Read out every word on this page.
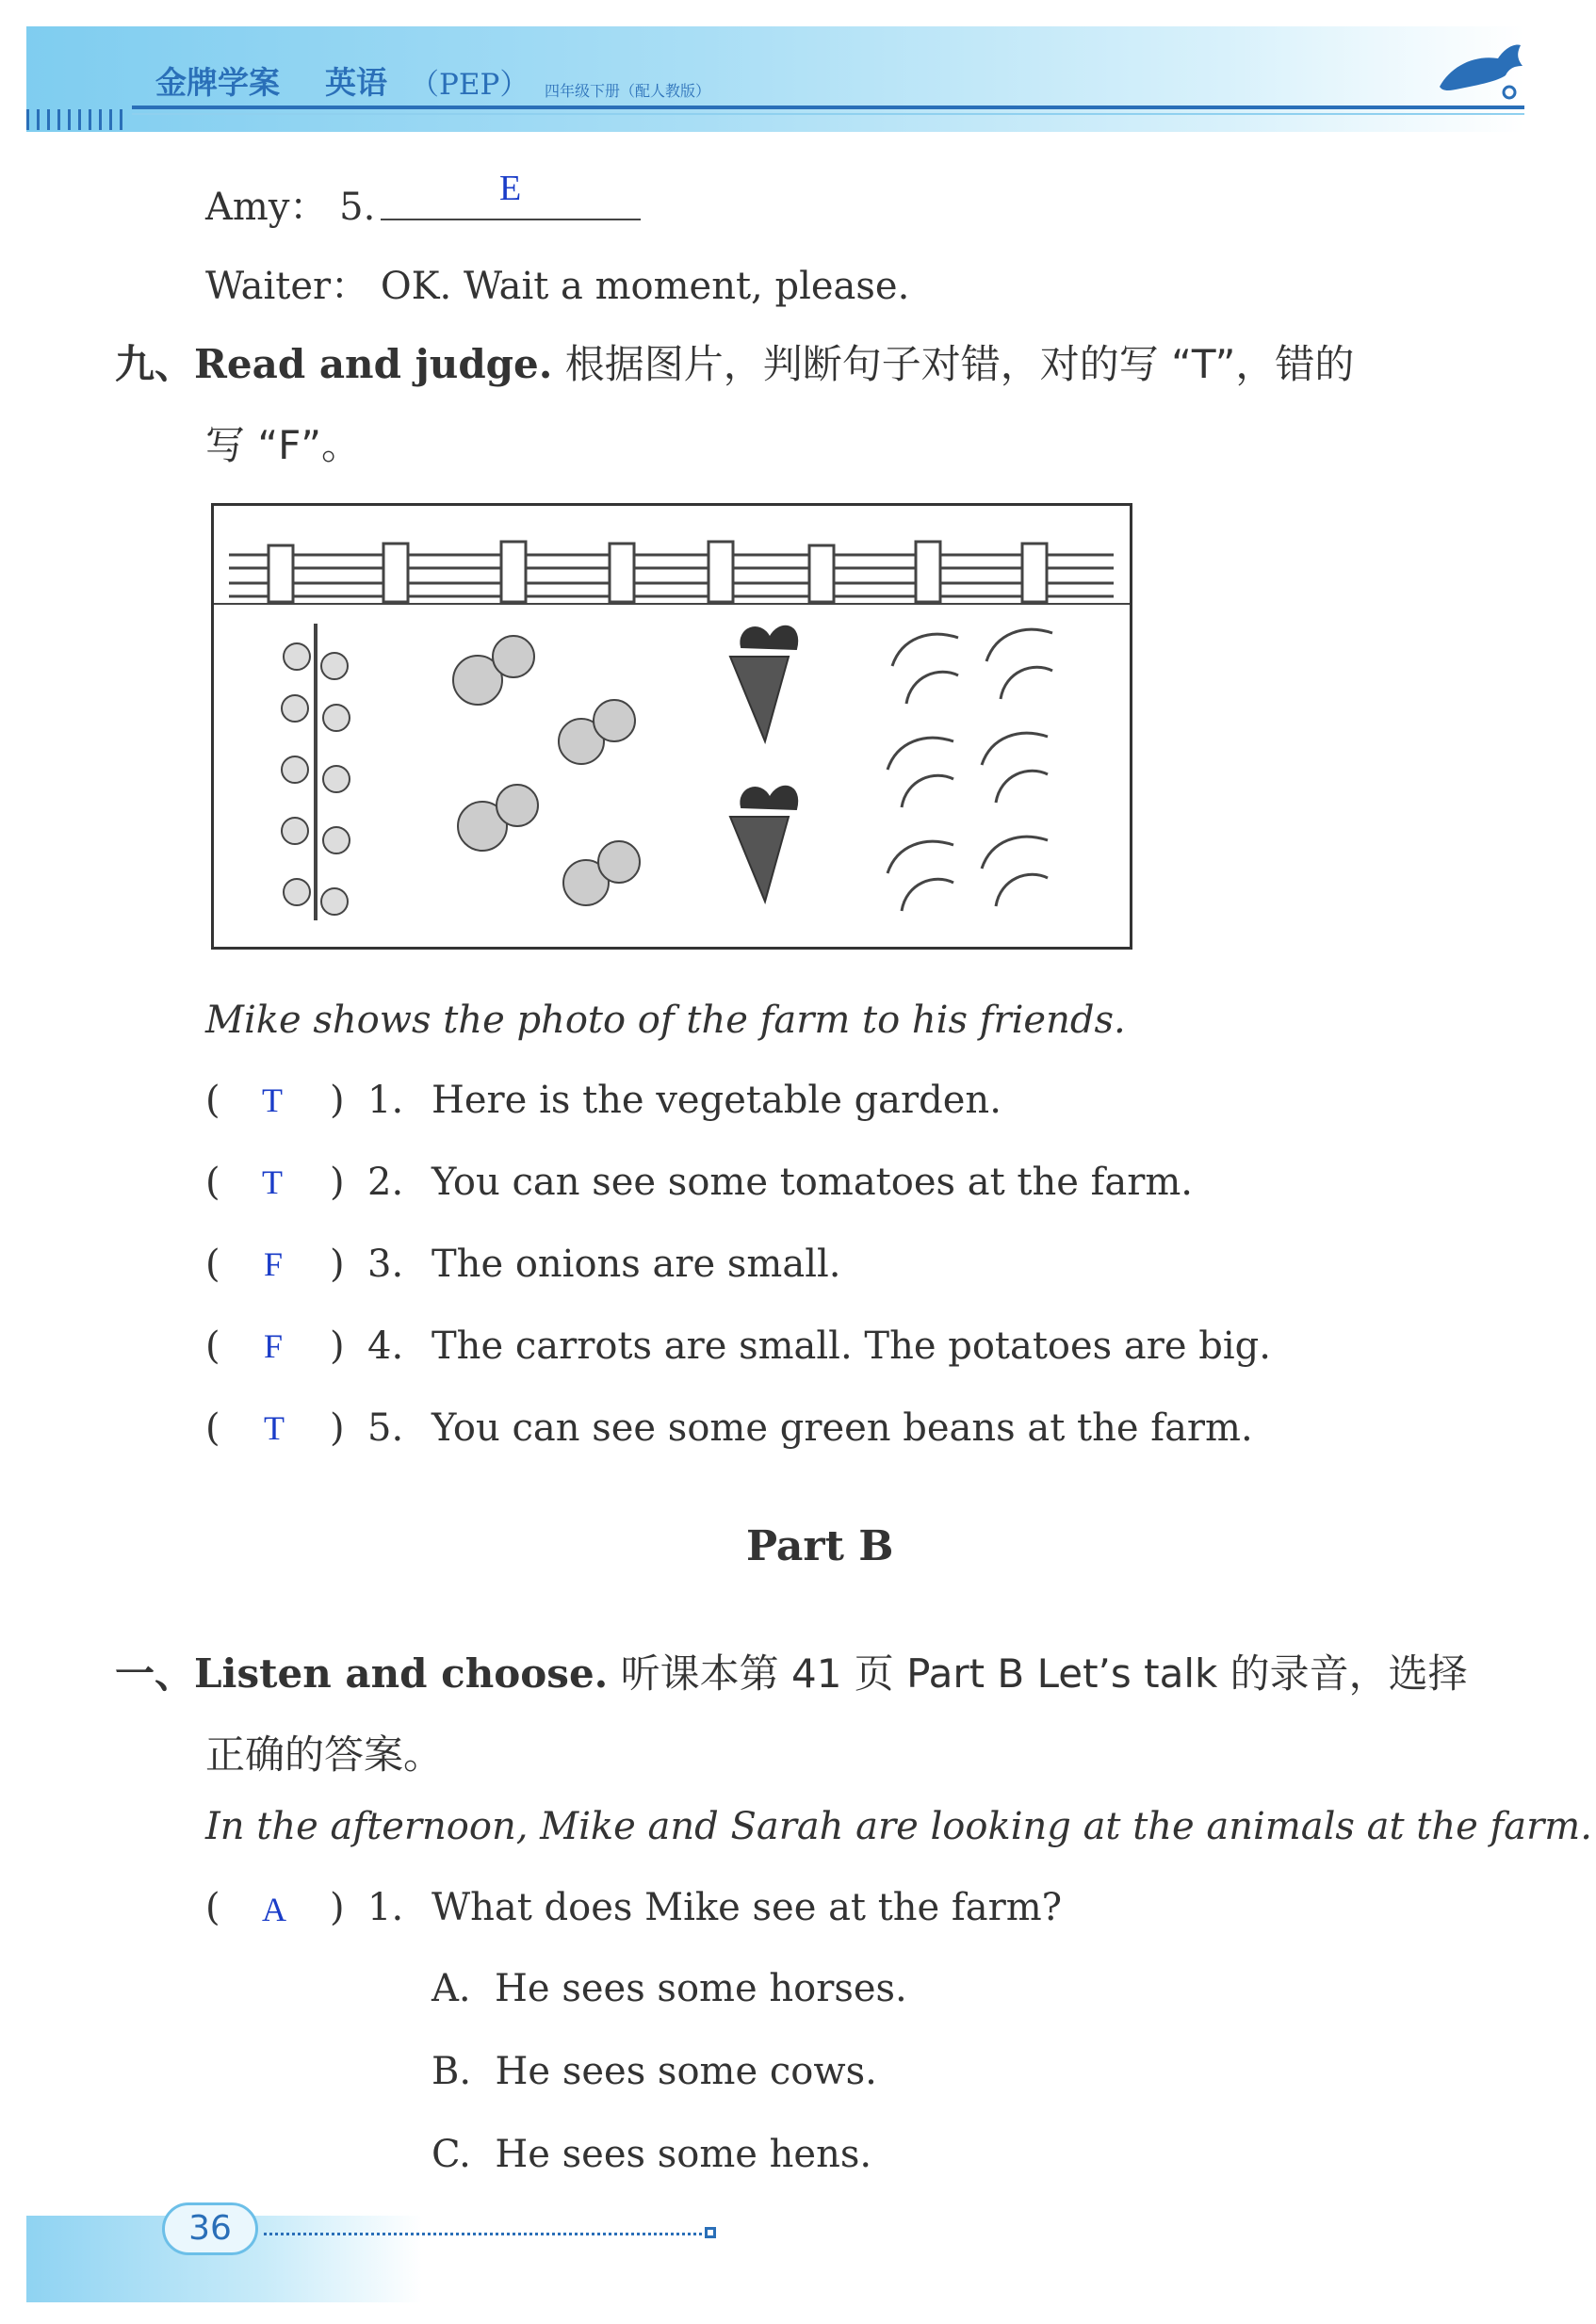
金牌学案 英语 （PEP） 四年级下册（配人教版）
Amy： 5.	E
Waiter： OK. Wait a moment, please.
九、Read and judge. 根据图片，判断句子对错，对的写 “T”，错的
写 “F”。
Mike shows the photo of the farm to his friends.
( T ) 1. Here is the vegetable garden.
( T ) 2. You can see some tomatoes at the farm.
( F ) 3. The onions are small.
( F ) 4. The carrots are small. The potatoes are big.
( T ) 5. You can see some green beans at the farm.
Part B
一、Listen and choose. 听课本第 41 页 Part B Let’s talk 的录音，选择
正确的答案。
In the afternoon, Mike and Sarah are looking at the animals at the farm.
( A ) 1. What does Mike see at the farm?
A. He sees some horses.
B. He sees some cows.
C. He sees some hens.
36
